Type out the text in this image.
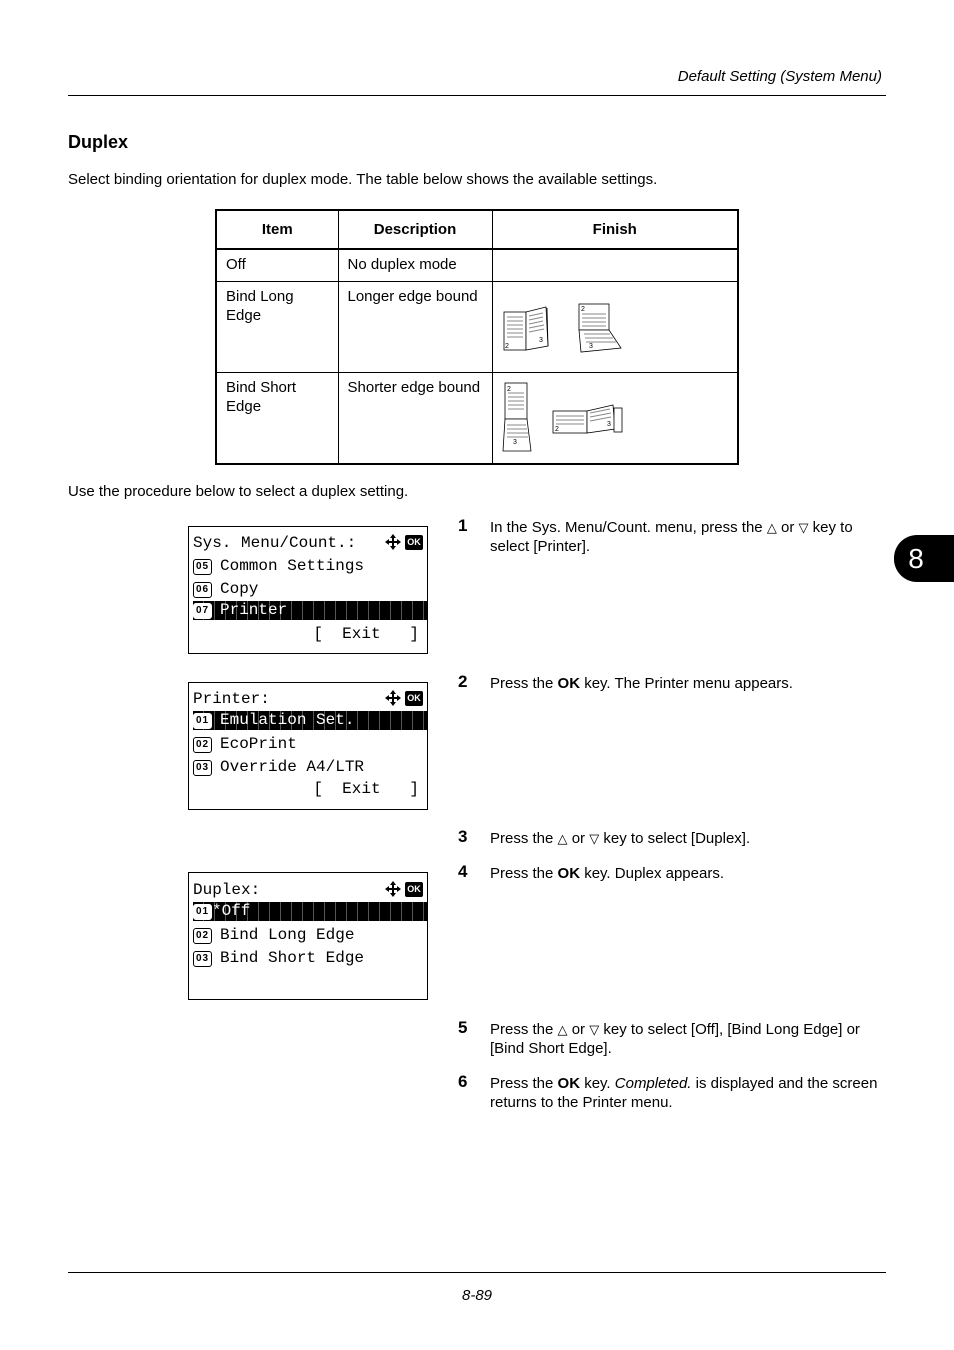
Default Setting (System Menu)
Duplex
Select binding orientation for duplex mode. The table below shows the available settings.
Item	Description	Finish

Off	No duplex mode	

Bind Long Edge	Longer edge bound	2
3
2
3

Bind Short Edge	Shorter edge bound	2
3
2
3
Use the procedure below to select a duplex setting.
8
Sys. Menu/Count.:	OK
05 Common Settings
06 Copy
07 Printer
[  Exit   ]
Printer:	OK
01 Emulation Set.
02 EcoPrint
03 Override A4/LTR
[  Exit   ]
Duplex:	OK
01 *Off
02 Bind Long Edge
03 Bind Short Edge
1 In the Sys. Menu/Count. menu, press the △ or ▽ key to select [Printer].
2 Press the OK key. The Printer menu appears.
3 Press the △ or ▽ key to select [Duplex].
4 Press the OK key. Duplex appears.
5 Press the △ or ▽ key to select [Off], [Bind Long Edge] or [Bind Short Edge].
6 Press the OK key. Completed. is displayed and the screen returns to the Printer menu.
8-89
